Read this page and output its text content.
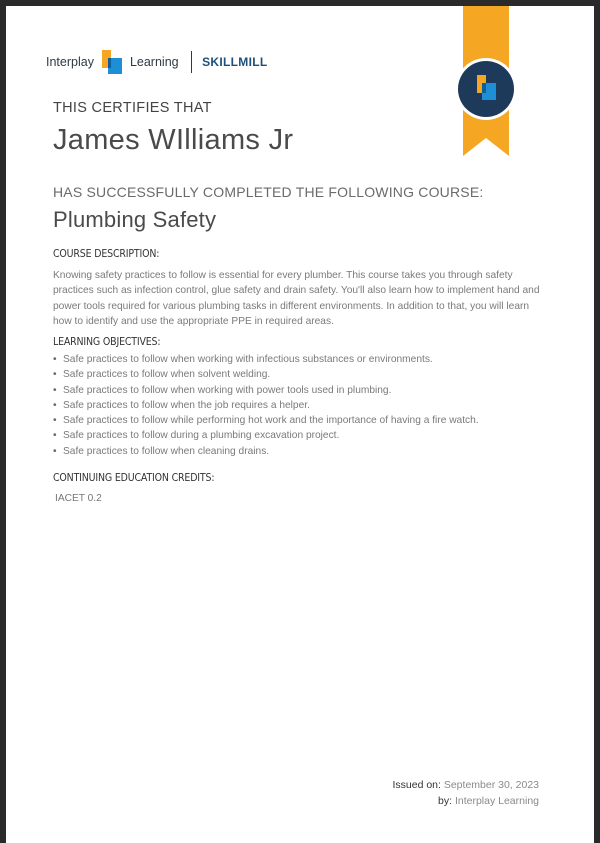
Interplay	Learning SKILLMILL
THIS CERTIFIES THAT
James WIlliams Jr
HAS SUCCESSFULLY COMPLETED THE FOLLOWING COURSE:
Plumbing Safety
COURSE DESCRIPTION:
Knowing safety practices to follow is essential for every plumber. This course takes you through safety practices such as infection control, glue safety and drain safety. You'll also learn how to implement hand and power tools required for various plumbing tasks in different environments. In addition to that, you will learn how to identify and use the appropriate PPE in required areas.
LEARNING OBJECTIVES:
• Safe practices to follow when working with infectious substances or environments.
• Safe practices to follow when solvent welding.
• Safe practices to follow when working with power tools used in plumbing.
• Safe practices to follow when the job requires a helper.
• Safe practices to follow while performing hot work and the importance of having a fire watch.
• Safe practices to follow during a plumbing excavation project.
• Safe practices to follow when cleaning drains.
CONTINUING EDUCATION CREDITS:
IACET 0.2
Issued on: September 30, 2023
by: Interplay Learning
